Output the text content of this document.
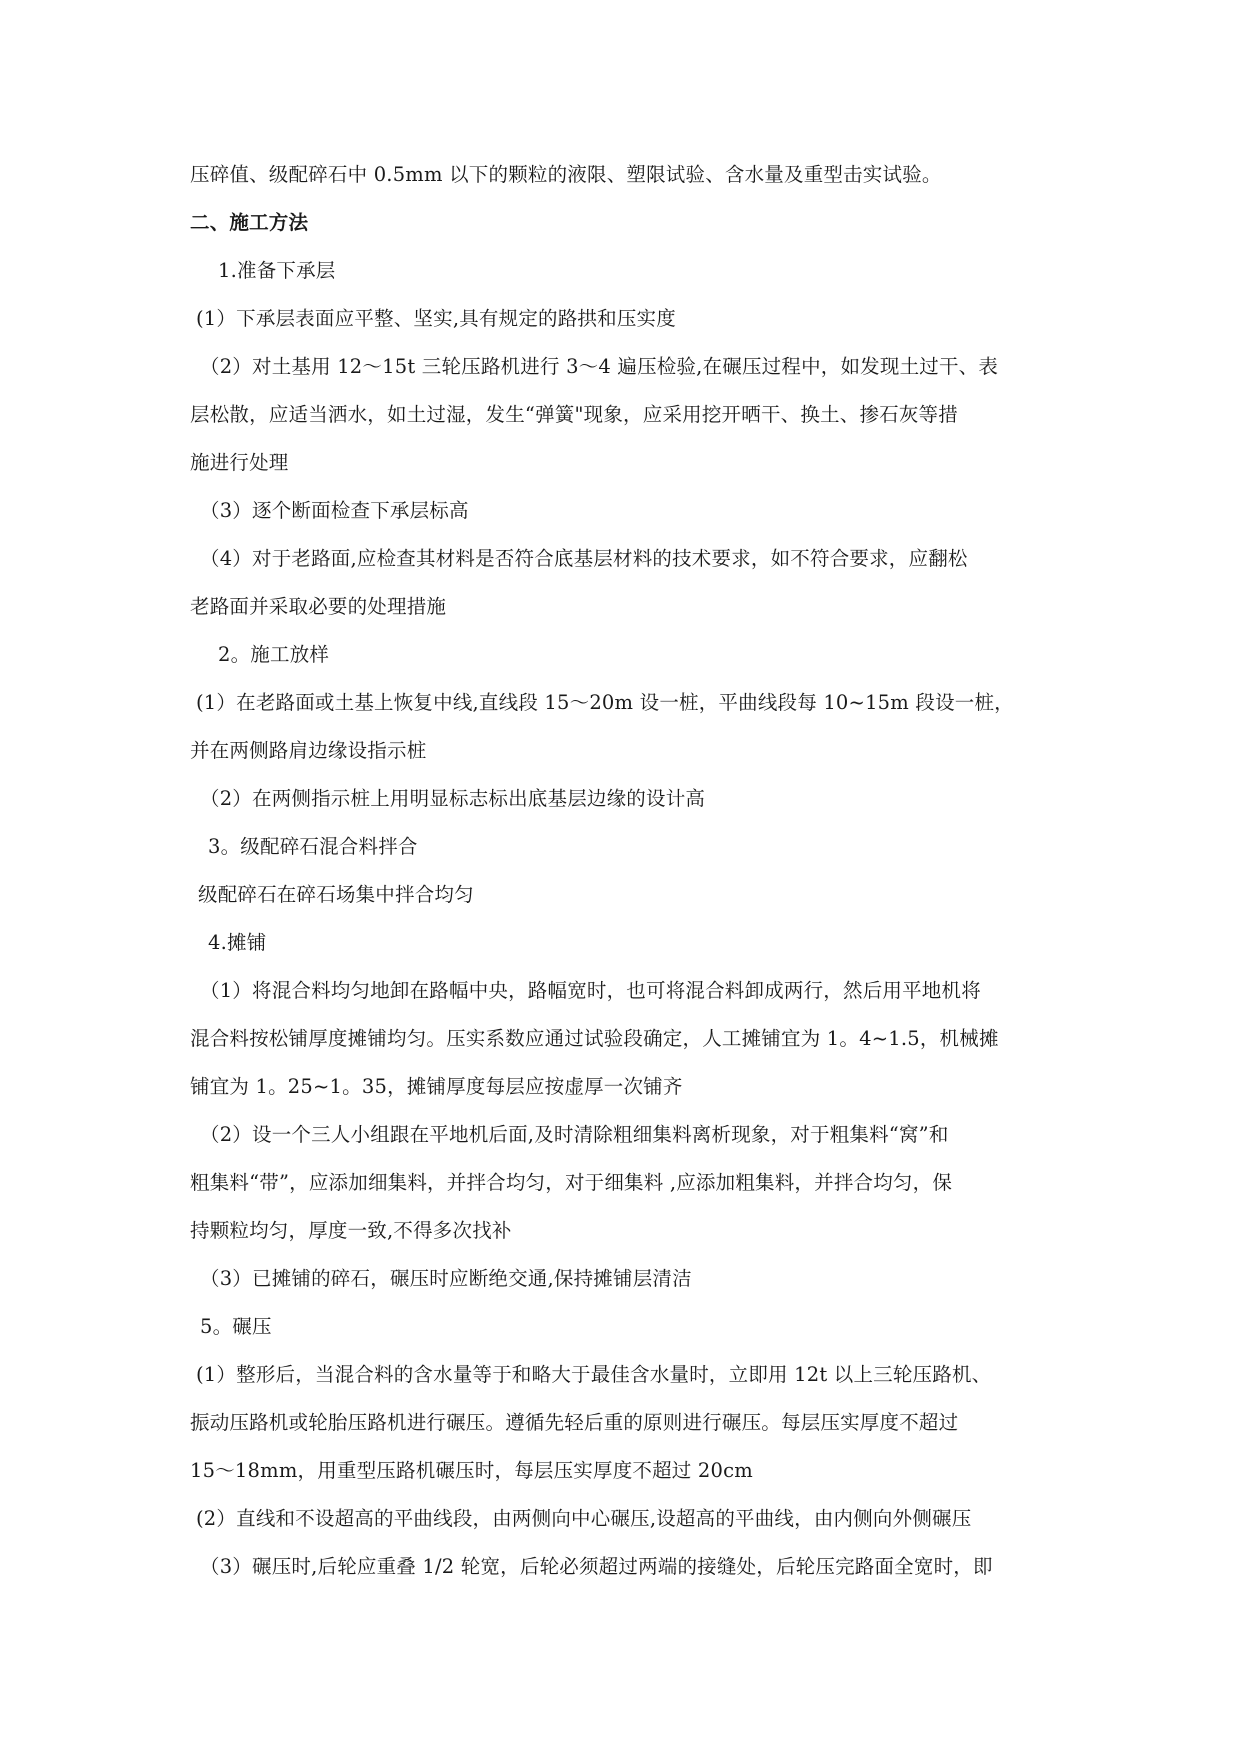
压碎值、级配碎石中 0.5mm 以下的颗粒的液限、塑限试验、含水量及重型击实试验。
二、施工方法
1.准备下承层
(1）下承层表面应平整、坚实,具有规定的路拱和压实度
（2）对土基用 12～15t 三轮压路机进行 3～4 遍压检验,在碾压过程中，如发现土过干、表
层松散，应适当洒水，如土过湿，发生“弹簧"现象，应采用挖开晒干、换土、掺石灰等措
施进行处理
（3）逐个断面检查下承层标高
（4）对于老路面,应检查其材料是否符合底基层材料的技术要求，如不符合要求，应翻松
老路面并采取必要的处理措施
2。施工放样
(1）在老路面或土基上恢复中线,直线段 15～20m 设一桩，平曲线段每 10~15m 段设一桩，
并在两侧路肩边缘设指示桩
（2）在两侧指示桩上用明显标志标出底基层边缘的设计高
3。级配碎石混合料拌合
级配碎石在碎石场集中拌合均匀
4.摊铺
（1）将混合料均匀地卸在路幅中央，路幅宽时，也可将混合料卸成两行，然后用平地机将
混合料按松铺厚度摊铺均匀。压实系数应通过试验段确定，人工摊铺宜为 1。4~1.5，机械摊
铺宜为 1。25~1。35，摊铺厚度每层应按虚厚一次铺齐
（2）设一个三人小组跟在平地机后面,及时清除粗细集料离析现象，对于粗集料“窝”和
粗集料“带”，应添加细集料，并拌合均匀，对于细集料 ,应添加粗集料，并拌合均匀，保
持颗粒均匀，厚度一致,不得多次找补
（3）已摊铺的碎石，碾压时应断绝交通,保持摊铺层清洁
5。碾压
(1）整形后，当混合料的含水量等于和略大于最佳含水量时，立即用 12t 以上三轮压路机、
振动压路机或轮胎压路机进行碾压。遵循先轻后重的原则进行碾压。每层压实厚度不超过
15～18mm，用重型压路机碾压时，每层压实厚度不超过 20cm
(2）直线和不设超高的平曲线段，由两侧向中心碾压,设超高的平曲线，由内侧向外侧碾压
（3）碾压时,后轮应重叠 1/2 轮宽，后轮必须超过两端的接缝处，后轮压完路面全宽时，即
